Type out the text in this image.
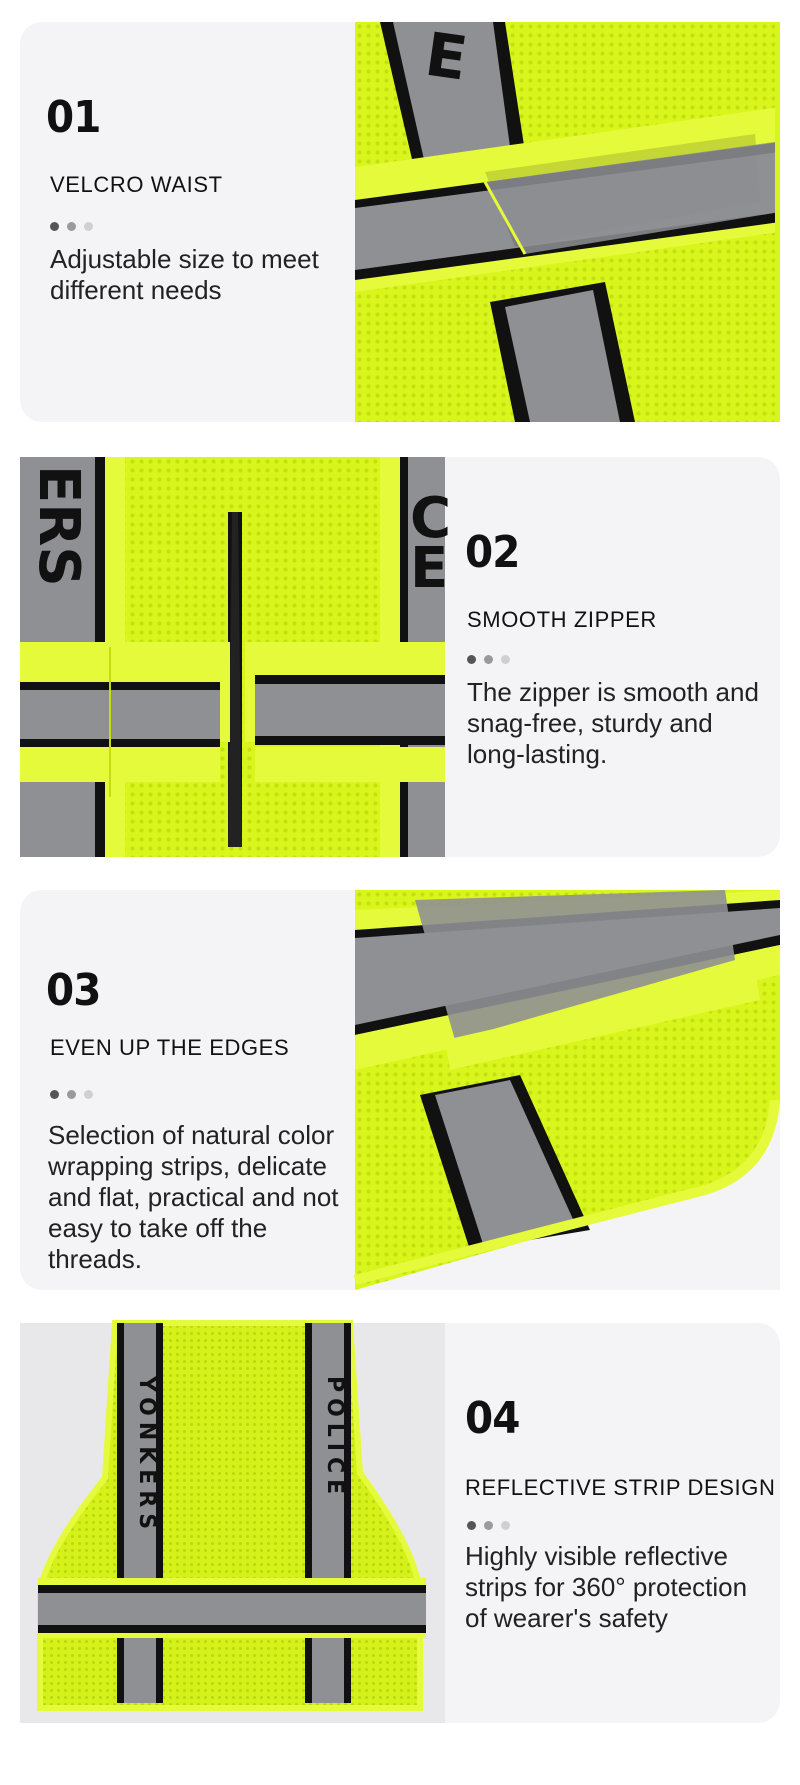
01
VELCRO WAIST
Adjustable size to meet different needs
E
ERS	C
E 02
SMOOTH ZIPPER
The zipper is smooth and snag-free, sturdy and long-lasting.
03
EVEN UP THE EDGES
Selection of natural color wrapping strips, delicate and flat, practical and not easy to take off the threads.
YONKERS	POLICE	04
REFLECTIVE STRIP DESIGN
Highly visible reflective strips for 360° protection of wearer's safety
